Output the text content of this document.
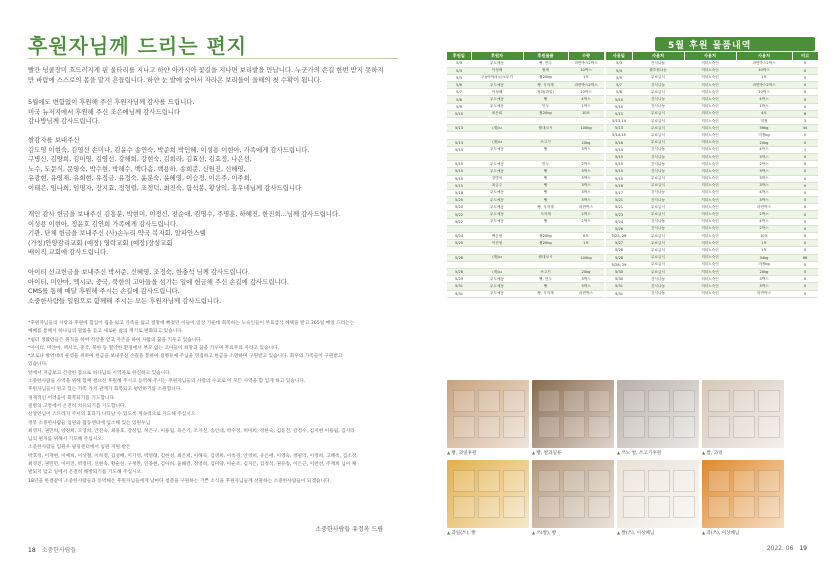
후원자님께 드리는 편지

빨간 넝쿨장미 흐드러지게 핀 울타리를 지나고 하얀 아카시아 꽃길을 지나면 보리밭을 만납니다. 누군가의 손길 한번 받지 못하지

만 바람에 스스로의 몸을 맡겨 흔들립니다. 하얀 눈 밭에 숨어서 자라온 보리들이 올해의 첫 수확이 됩니다.

5월에도 변함없이 후원해 주신 후원자님께 감사를 드립니다.

미국 뉴저지에서 후원해 주신 조은애님께 감사드립니다

감나방님께 감사드립니다.

쌀감자를 보내주신

김도영 이현숙, 김영선 손미나, 김윤수 송연숙, 박준희 박인혜, 이성용 이현아, 가족에게 감사드립니다.

구병신, 김양희, 김미영, 김영선, 강해희, 강현숙, 김희라, 김효선, 김효정, 나은선,

노수, 도문식, 문영숙, 박수현, 박해수, 백다솜, 백용하, 송희준, 신원진, 신혜영,

유광현, 유영재, 유희현, 유정금, 유정숙, 윤분숙, 윤혜영, 이승정, 이은주, 이주희,

이태은, 임나희, 임명자, 장지효, 정형렬, 조정덕, 최진숙, 함석봉, 황상익, 홍우네님께 감사드립니다

개인 감사 헌금을 보내주신 김홍분, 박현미, 이정신, 전순애, 김명수, 주명훈, 하혜진, 한진희...님께 감사드립니다.

이성용 이현아, 정윤호 김연희 가족에게 감사드립니다.

기관, 단체 헌금을 보내주신 (사)손누리 약국 복지회, 알파안스웰

(가칭)안양감리교회 (예장) 영락교회 (예장)장성교회

배이직 교회에 감사드립니다.

아이티 선교헌금을 보내주신 박서준, 신혜영, 조정숙, 한충석 님께 감사드립니다.

아이티, 미얀마, 멕시코, 중국, 북한의 고아들을 섬기는 일에 헌금해 주신 손길에 감사드립니다.

CMS를 통해 매달 후원해 주시는 손길에 감사드립니다.

소중한사람들 일원으로 함께해 주시는 모든 후원자님께 감사드립니다.

*후원자님들의 사랑과 후원에 힘입어 집을 잃고 가족을 잃고 절망에 빠졌던 이들이 일상 가운데 회복하는 노숙인들이 무료급식 혜택을 받고 365일 매일 드리는는

예배를 통해서 하나님의 말씀을 듣고 새로운 삶의 재기로 변화되고 있습니다.

*쉼터 생활인들은 취직을 하여 직장을 얻고 자존을 하여 자활의 꿈을 키우고 있습니다.

*아이티, 미얀마, 멕시코, 중국, 북한 등 열악한 환경에서 부모 없는 고아들이 희망과 꿈을 키우며 무료무료 자라고 있습니다.

*코로나 방역대비 운영을 위하여 헌금을 보내주신 손길을 통하여 집행유예 주님을 영접하고 헌금을 소망하며 구원받고 있습니다. 회우의 가족들이 구원받고

있습니다.

앞에서 지금보고 건강한 몸으로 하나님의 시역자로 한신하고 있습니다.

소중한사람들 사역을 위해 함께 걸으신 후원해 주시고 동역해 주시는 후원자님들의 사랑의 수고로 이 모든 사역을 할 입게 하고 있습니다.

후원자님들이 원고 있는 가족 가치 관계가 회복되고 평안하기를 소원합니다.

경제적인 어려움이 회복되기를 기도합니다.

질병의 고통에서 온전히 치유되기를 기도합니다.

신앙인님이 스트레지 주서의 효과가 나타날 수 있도록 계속적으로 기도해 주십시오.

정봉 소중한사람들 임원와 활동센터에 임소해 있는 임원우님

최영자, 권민희, 양진희, 모영희, 안진숙, 최용호, 강성임, 허은구, 이용림, 육은기, 조자신, 송인대, 박수정, 허미희, 정한숙, 김동진, 강정수, 김지현 이용림, 김사라

님의 편지를 위해서 기도해 주십시오.

소중한사람들 임원우 필링센터에서 임원 지원 받은

박호정, 이재현, 이예희, 이상철, 이희정, 김성배, 이기영, 박영래, 김한성, 최은희, 이해숙, 김영희, 이옥경, 안영희, 유은애, 이영숙, 정필억, 이정희, 고혜옥, 김소정,

최영진, 권민민, 이미진, 박정미, 신현숙, 황순친, 구재완, 인종현, 김아희, 윤혜련, 정영희, 김미양, 이순조, 김지은, 김정식, 권유송, 이은근, 이찬선, 주재희 님이 체

발되지 않고 일에서 온전히 해방되기를 기도해 주십시오.

18년을 한결같이 소중한사람들과 동역해온 후원자님들에게 날마다 청춘을 구원하는 기쁜 소식을 후원자님들께 선물하는 소중한사람들이 되겠습니다.

소중한사람들 유정옥 드림
18 소중한사람들
5월 후원 물품내역
후원일	후원자	후원물품	수량
5/3	무도예동	빵, 만두	라면박스2박스
5/3	이성혜	쌀세	10박스
5/3	주)(야야마오)오뚜기	쌀20kg	1포
5/6	무도예동	빵, 식자재	라면박스2박스
5/7	이성혜	청과(과일)	10박스
5/8	무도예동	빵	4박스
5/9	무도예동	만두	1박스
5/10	최은희	쌀20kg	10포

5/13	(재)lu	쌀대코시	100kg

5/13	(재)lu	쓰고기	20kg
5/13	무도예동	빵	3박스

5/15	무도예동	만두	2박스
5/15	무도예동	빵	3박스
5/15	강병석	빵	3박스
5/15	최금주	빵	3박스
5/18	무도예동	빵	3박스
5/20	무도예동	빵	3박스
5/20	무도예동	빵, 식자재	라면박스
5/22	무도예동	식자재	2박스
5/22	무도예동	빵	2박스

5/24	백승현	쌀20kg	6포
5/25	이진영	쌀20kg	1포

5/28	(재)lu	쌀대코시	100kg

5/28	(재)lu	쓰고기	20kg
5/29	무도예동	빵, 만두	3박스
5/31	무도예동	빵	3박스
5/31	무도예동	빵, 식자재	라면박스
사용일	사용처	사용처	사용처	비고
5/3	간식나눔	저녁노숙인	라면박스2박스	0
5/4	쌀후원나눔	저녁노숙인	10박스	0
5/5	무료급식	저녁노숙인	1포	0
5/7	간식나눔	저녁노숙인	라면박스2박스	0
5/8	무료급식	저녁노숙인	10박스	0
5/10	간식나눔	저녁노숙인	4박스	0
5/10	간식나눔	저녁노숙인	1박스	0
5/11	무료급식	저녁노숙인	4포	6
5/13,14	무료급식	저녁노숙인	미정	3
5/13	무료급식	저녁노숙인	56kg	44
5/14,15	무료급식	저녁노숙인	미정kg	0
5/16	무료급식	저녁노숙인	20kg	0
5/14	간식나눔	저녁노숙인	4박스	1
5/15	간식나눔	저녁노숙인	3박스	0
5/15	간식나눔	저녁노숙인	2박스	0
5/15	간식나눔	저녁노숙인	3박스	0
5/15	무료급식	저녁노숙인	3박스	0
5/16	무료급식	저녁노숙인	3박스	0
5/17	간식나눔	저녁노숙인	4박스	0
5/21	간식나눔	저녁노숙인	3박스	0
5/21	무료급식	저녁노숙인	라면박스	0
5/23	무료급식	저녁노숙인	2박스	0
5/24	간식나눔	저녁노숙인	4박스	0
5/26	간식나눔	저녁노숙인	2박스	0
5/25, 26	무료급식	저녁노숙인	10포	0
5/27	무료급식	저녁노숙인	1포	0
5/28	무료급식	저녁노숙인	1포	0
5/28	무료급식	저녁노숙인	34kg	66
5/28, 29	무료급식	저녁노숙인	미정kg	0
5/30	무료급식	저녁노숙인	20kg	0
5/30	간식나눔	저녁노숙인	3박스	0
5/31	간식나눔	저녁노숙인	3박스	0
5/31	간식나눔	저녁노숙인	라면박스	0
▲ 빵, 과일후원	▲ 빵, 쌀과일류	▲ 쓰노 쌀, 쓰고기후원	▲ 쌀, 과일
▲ 과일(쓰), 빵	▲ 쓰(쌀), 빵	▲ 쌀(쓰), 이상혜님	▲ 과(쓰), 이상혜님
2022. 06 19
